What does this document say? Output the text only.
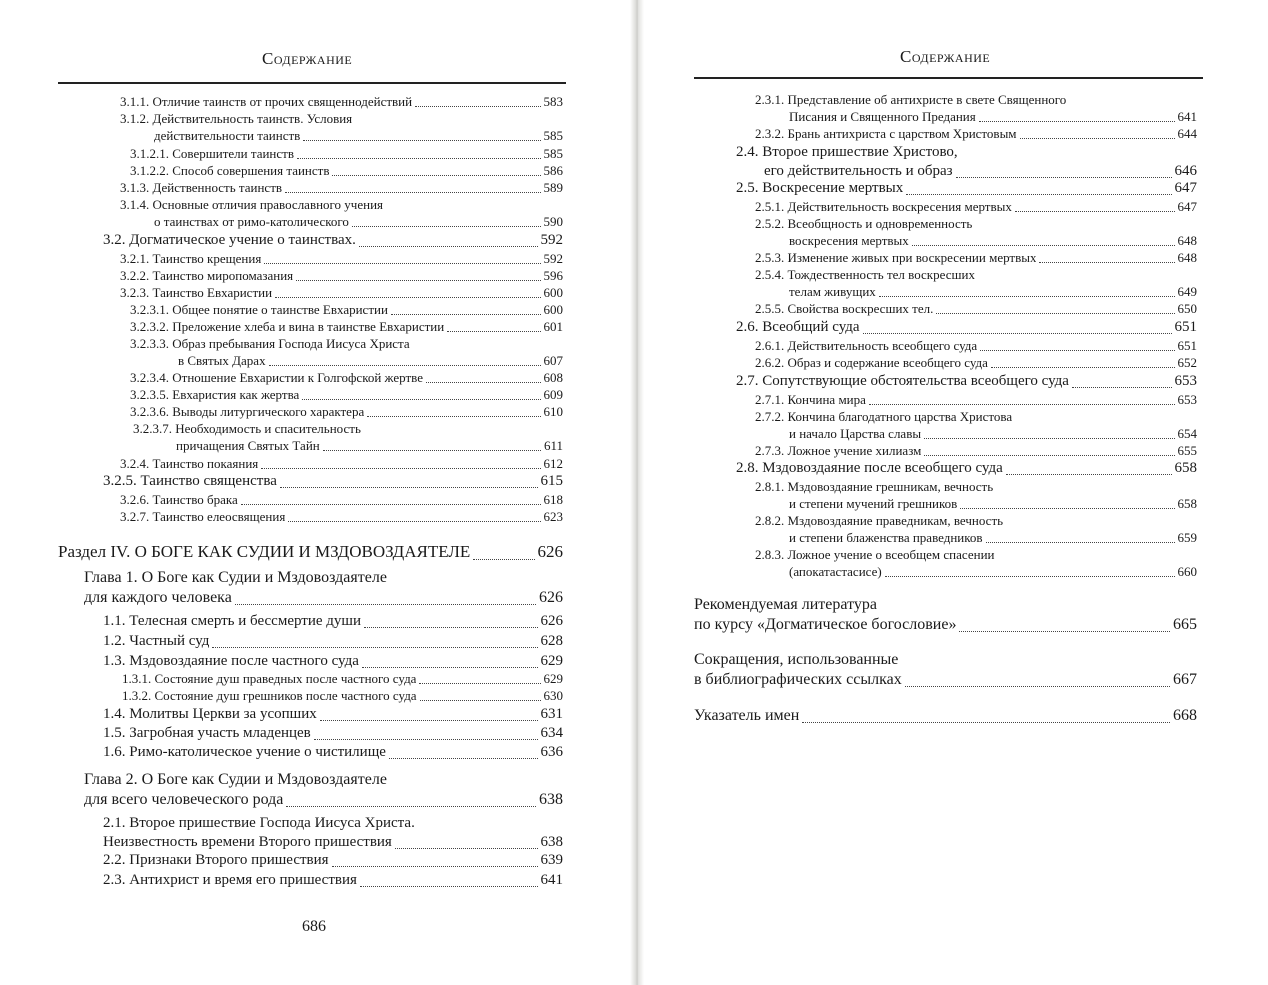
Содержание
3.1.1. Отличие таинств от прочих священнодействий	583
3.1.2. Действительность таинств. Условия
действительности таинств	585
3.1.2.1. Совершители таинств	585
3.1.2.2. Способ совершения таинств	586
3.1.3. Действенность таинств	589
3.1.4. Основные отличия православного учения
о таинствах от римо-католического	590
3.2. Догматическое учение о таинствах.	592
3.2.1. Таинство крещения	592
3.2.2. Таинство миропомазания	596
3.2.3. Таинство Евхаристии	600
3.2.3.1. Общее понятие о таинстве Евхаристии	600
3.2.3.2. Преложение хлеба и вина в таинстве Евхаристии	601
3.2.3.3. Образ пребывания Господа Иисуса Христа
в Святых Дарах	607
3.2.3.4. Отношение Евхаристии к Голгофской жертве	608
3.2.3.5. Евхаристия как жертва	609
3.2.3.6. Выводы литургического характера	610
3.2.3.7. Необходимость и спасительность
причащения Святых Тайн	611
3.2.4. Таинство покаяния	612
3.2.5. Таинство священства	615
3.2.6. Таинство брака	618
3.2.7. Таинство елеосвящения	623
Раздел IV. О БОГЕ КАК СУДИИ И МЗДОВОЗДАЯТЕЛЕ	626
Глава 1. О Боге как Судии и Мздовоздаятеле
для каждого человека	626
1.1. Телесная смерть и бессмертие души	626
1.2. Частный суд	628
1.3. Мздовоздаяние после частного суда	629
1.3.1. Состояние душ праведных после частного суда	629
1.3.2. Состояние душ грешников после частного суда	630
1.4. Молитвы Церкви за усопших	631
1.5. Загробная участь младенцев	634
1.6. Римо-католическое учение о чистилище	636
Глава 2. О Боге как Судии и Мздовоздаятеле
для всего человеческого рода	638
2.1. Второе пришествие Господа Иисуса Христа.
Неизвестность времени Второго пришествия	638
2.2. Признаки Второго пришествия	639
2.3. Антихрист и время его пришествия	641
686
Содержание
2.3.1. Представление об антихристе в свете Священного
Писания и Священного Предания	641
2.3.2. Брань антихриста с царством Христовым	644
2.4. Второе пришествие Христово,
его действительность и образ	646
2.5. Воскресение мертвых	647
2.5.1. Действительность воскресения мертвых	647
2.5.2. Всеобщность и одновременность
воскресения мертвых	648
2.5.3. Изменение живых при воскресении мертвых	648
2.5.4. Тождественность тел воскресших
телам живущих	649
2.5.5. Свойства воскресших тел.	650
2.6. Всеобщий суда	651
2.6.1. Действительность всеобщего суда	651
2.6.2. Образ и содержание всеобщего суда	652
2.7. Сопутствующие обстоятельства всеобщего суда	653
2.7.1. Кончина мира	653
2.7.2. Кончина благодатного царства Христова
и начало Царства славы	654
2.7.3. Ложное учение хилиазм	655
2.8. Мздовоздаяние после всеобщего суда	658
2.8.1. Мздовоздаяние грешникам, вечность
и степени мучений грешников	658
2.8.2. Мздовоздаяние праведникам, вечность
и степени блаженства праведников	659
2.8.3. Ложное учение о всеобщем спасении
(апокатастасисе)	660
Рекомендуемая литература
по курсу «Догматическое богословие»	665
Сокращения, использованные
в библиографических ссылках	667
Указатель имен	668
